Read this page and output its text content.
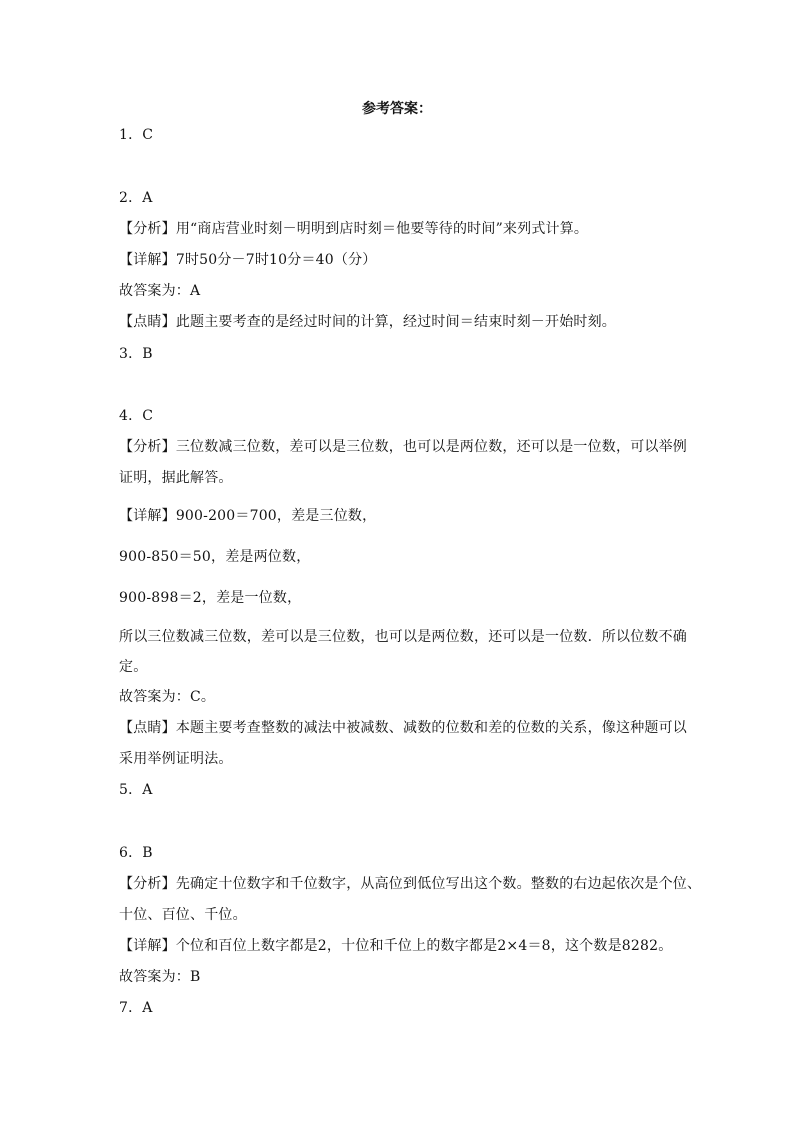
参考答案：
1．C
2．A
【分析】用“商店营业时刻－明明到店时刻＝他要等待的时间”来列式计算。
【详解】7时50分－7时10分＝40（分）
故答案为：A
【点睛】此题主要考查的是经过时间的计算，经过时间＝结束时刻－开始时刻。
3．B
4．C
【分析】三位数减三位数，差可以是三位数，也可以是两位数，还可以是一位数，可以举例
证明，据此解答。
【详解】900-200＝700，差是三位数，
900-850＝50，差是两位数，
900-898＝2，差是一位数，
所以三位数减三位数，差可以是三位数，也可以是两位数，还可以是一位数．所以位数不确
定。
故答案为：C。
【点睛】本题主要考查整数的减法中被减数、减数的位数和差的位数的关系，像这种题可以
采用举例证明法。
5．A
6．B
【分析】先确定十位数字和千位数字，从高位到低位写出这个数。整数的右边起依次是个位、
十位、百位、千位。
【详解】个位和百位上数字都是2，十位和千位上的数字都是2×4＝8，这个数是8282。
故答案为：B
7．A
